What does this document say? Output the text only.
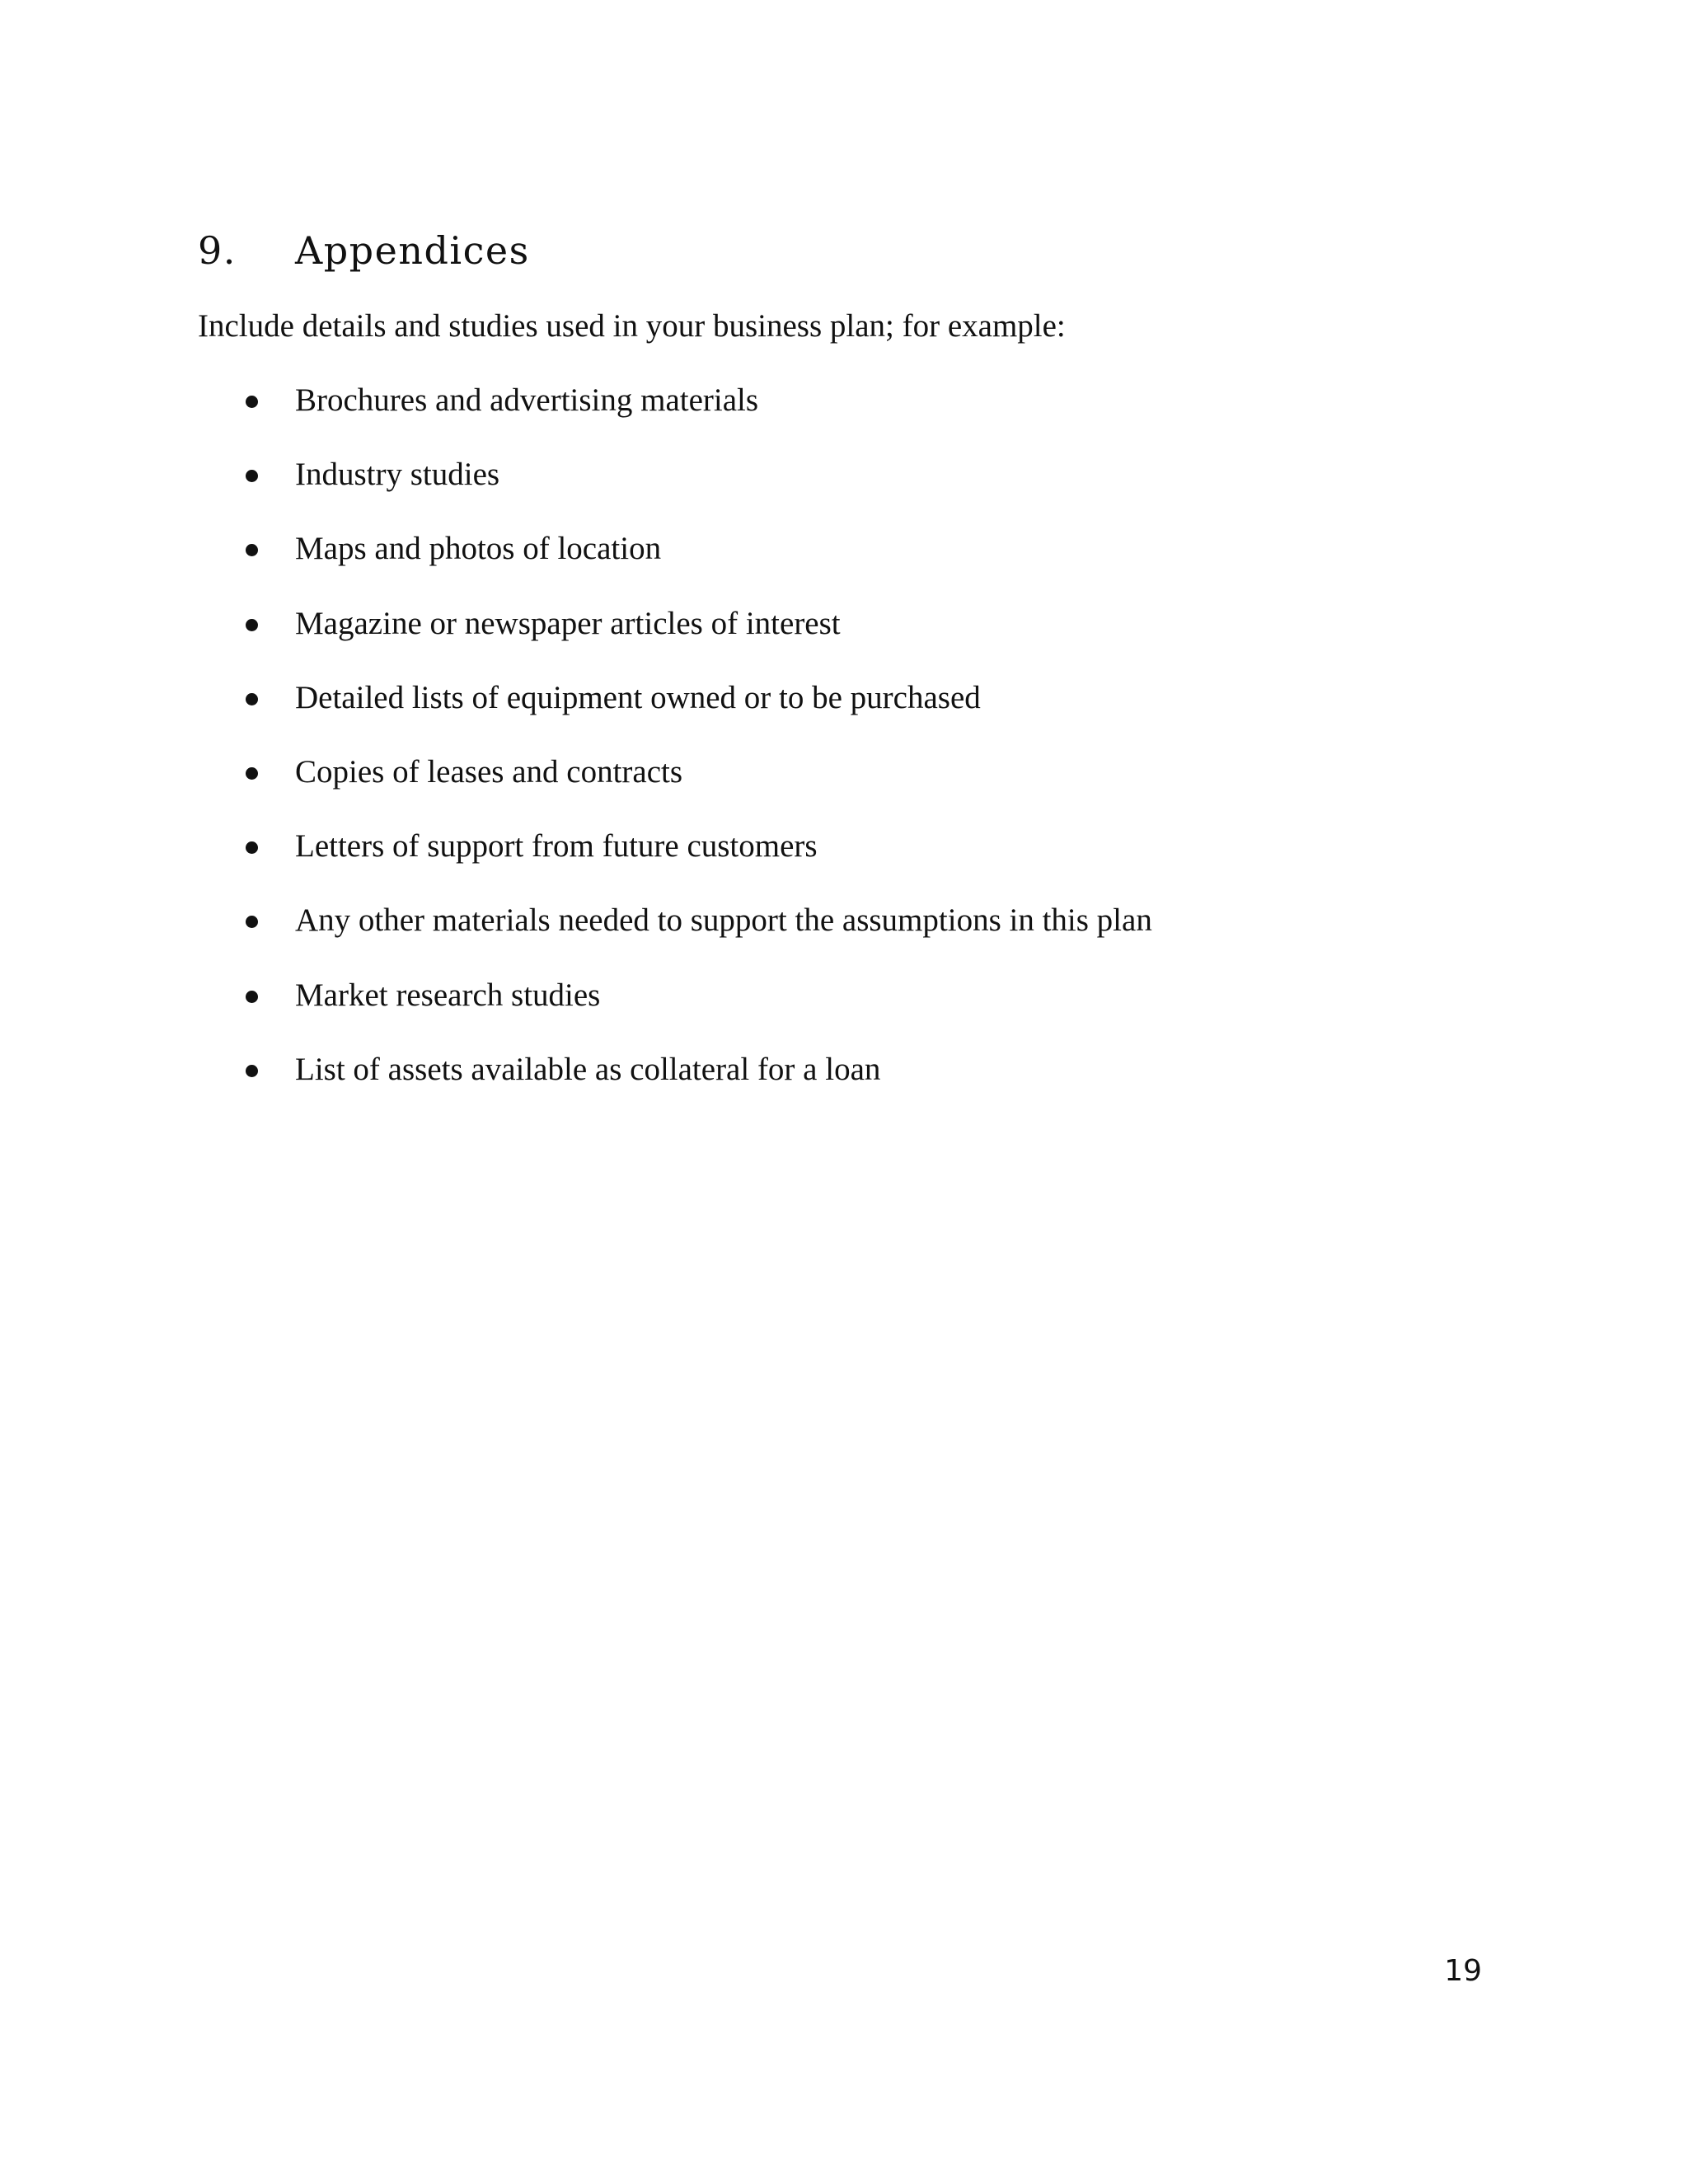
9. Appendices

Include details and studies used in your business plan; for example:

Brochures and advertising materials
Industry studies
Maps and photos of location
Magazine or newspaper articles of interest
Detailed lists of equipment owned or to be purchased
Copies of leases and contracts
Letters of support from future customers
Any other materials needed to support the assumptions in this plan
Market research studies
List of assets available as collateral for a loan
19
